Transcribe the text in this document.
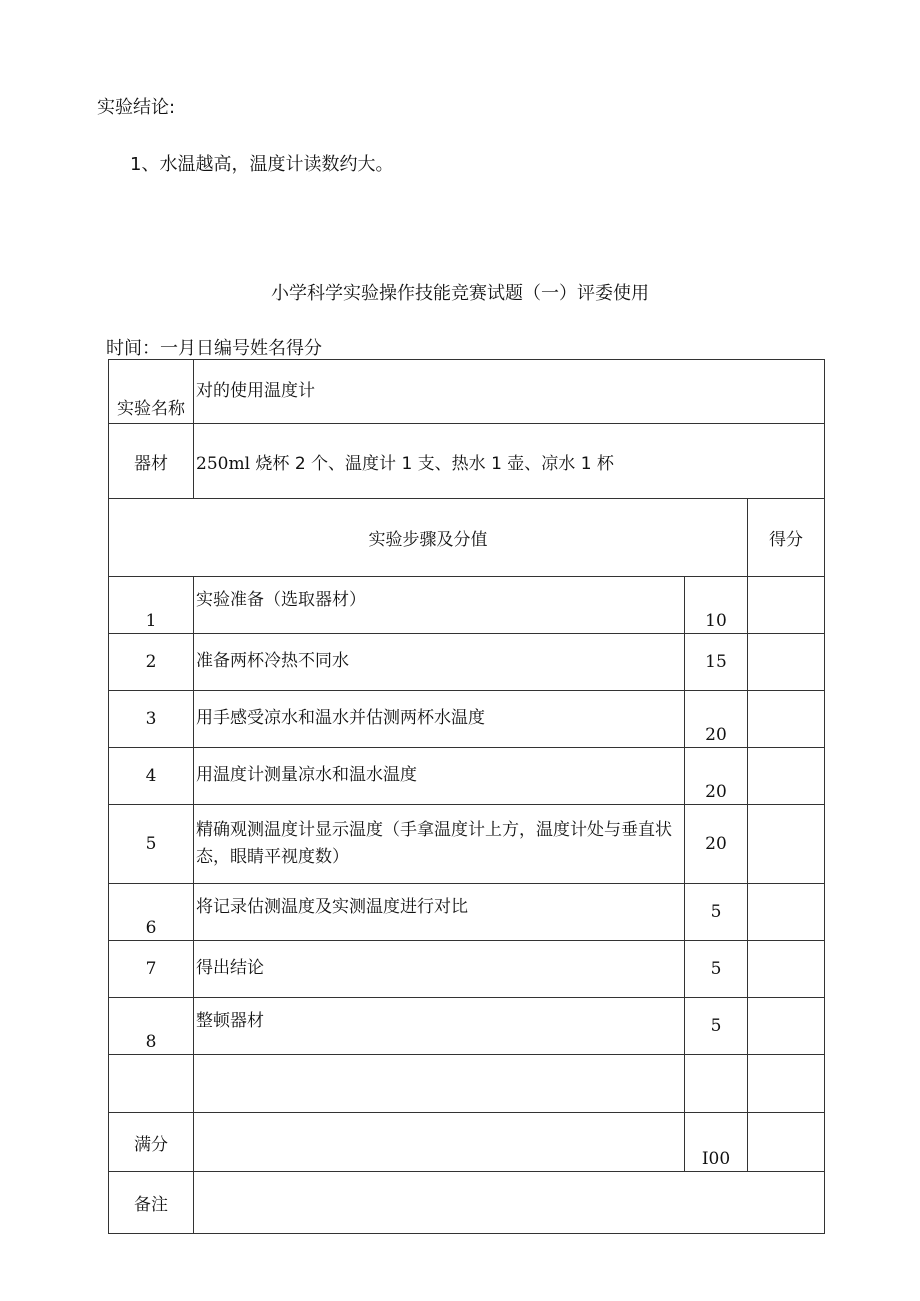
实验结论:
1、水温越高，温度计读数约大。
小学科学实验操作技能竞赛试题（一）评委使用
时间：一月日编号姓名得分
实验名称	对的使用温度计		
器材	250ml 烧杯 2 个、温度计 1 支、热水 1 壶、凉水 1 杯		
实验步骤及分值			得分
1	实验准备（选取器材）	10	
2	准备两杯冷热不同水	15	
3	用手感受凉水和温水并估测两杯水温度	20	
4	用温度计测量凉水和温水温度	20	
5	精确观测温度计显示温度（手拿温度计上方，温度计处与垂直状态，眼睛平视度数）	20	
6	将记录估测温度及实测温度进行对比	5	
7	得出结论	5	
8	整顿器材	5	

满分		I00	
备注			
